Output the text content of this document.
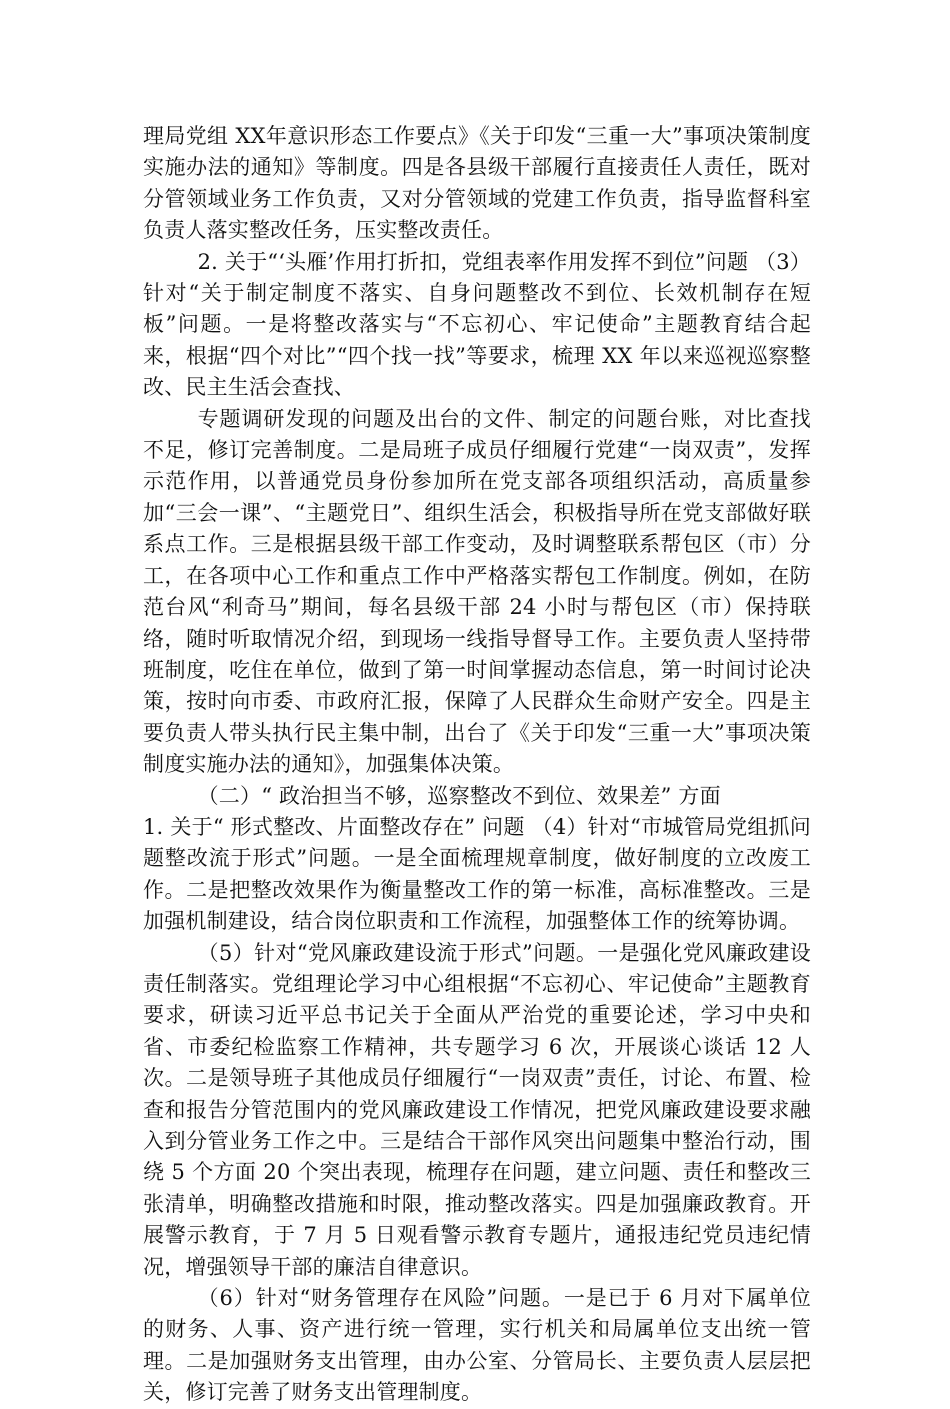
理局党组 XX年意识形态工作要点》《关于印发“三重一大”事项决策制度实施办法的通知》等制度。四是各县级干部履行直接责任人责任，既对分管领域业务工作负责，又对分管领域的党建工作负责，指导监督科室负责人落实整改任务，压实整改责任。

2. 关于“‘头雁’作用打折扣，党组表率作用发挥不到位”问题 （3）针对“关于制定制度不落实、自身问题整改不到位、长效机制存在短板”问题。一是将整改落实与“不忘初心、牢记使命”主题教育结合起来，根据“四个对比”“四个找一找”等要求，梳理 XX 年以来巡视巡察整改、民主生活会查找、

专题调研发现的问题及出台的文件、制定的问题台账，对比查找不足，修订完善制度。二是局班子成员仔细履行党建“一岗双责”，发挥示范作用，以普通党员身份参加所在党支部各项组织活动，高质量参加“三会一课”、“主题党日”、组织生活会，积极指导所在党支部做好联系点工作。三是根据县级干部工作变动，及时调整联系帮包区（市）分工，在各项中心工作和重点工作中严格落实帮包工作制度。例如，在防范台风“利奇马”期间，每名县级干部 24 小时与帮包区（市）保持联络，随时听取情况介绍，到现场一线指导督导工作。主要负责人坚持带班制度，吃住在单位，做到了第一时间掌握动态信息，第一时间讨论决策，按时向市委、市政府汇报，保障了人民群众生命财产安全。四是主要负责人带头执行民主集中制，出台了《关于印发“三重一大”事项决策制度实施办法的通知》，加强集体决策。

（二）“ 政治担当不够，巡察整改不到位、效果差” 方面

1. 关于“ 形式整改、片面整改存在” 问题 （4）针对“市城管局党组抓问题整改流于形式”问题。一是全面梳理规章制度，做好制度的立改废工作。二是把整改效果作为衡量整改工作的第一标准，高标准整改。三是加强机制建设，结合岗位职责和工作流程，加强整体工作的统筹协调。

（5）针对“党风廉政建设流于形式”问题。一是强化党风廉政建设责任制落实。党组理论学习中心组根据“不忘初心、牢记使命”主题教育要求，研读习近平总书记关于全面从严治党的重要论述，学习中央和省、市委纪检监察工作精神，共专题学习 6 次，开展谈心谈话 12 人次。二是领导班子其他成员仔细履行“一岗双责”责任，讨论、布置、检查和报告分管范围内的党风廉政建设工作情况，把党风廉政建设要求融入到分管业务工作之中。三是结合干部作风突出问题集中整治行动，围绕 5 个方面 20 个突出表现，梳理存在问题，建立问题、责任和整改三张清单，明确整改措施和时限，推动整改落实。四是加强廉政教育。开展警示教育，于 7 月 5 日观看警示教育专题片，通报违纪党员违纪情况，增强领导干部的廉洁自律意识。

（6）针对“财务管理存在风险”问题。一是已于 6 月对下属单位的财务、人事、资产进行统一管理，实行机关和局属单位支出统一管理。二是加强财务支出管理，由办公室、分管局长、主要负责人层层把关，修订完善了财务支出管理制度。
